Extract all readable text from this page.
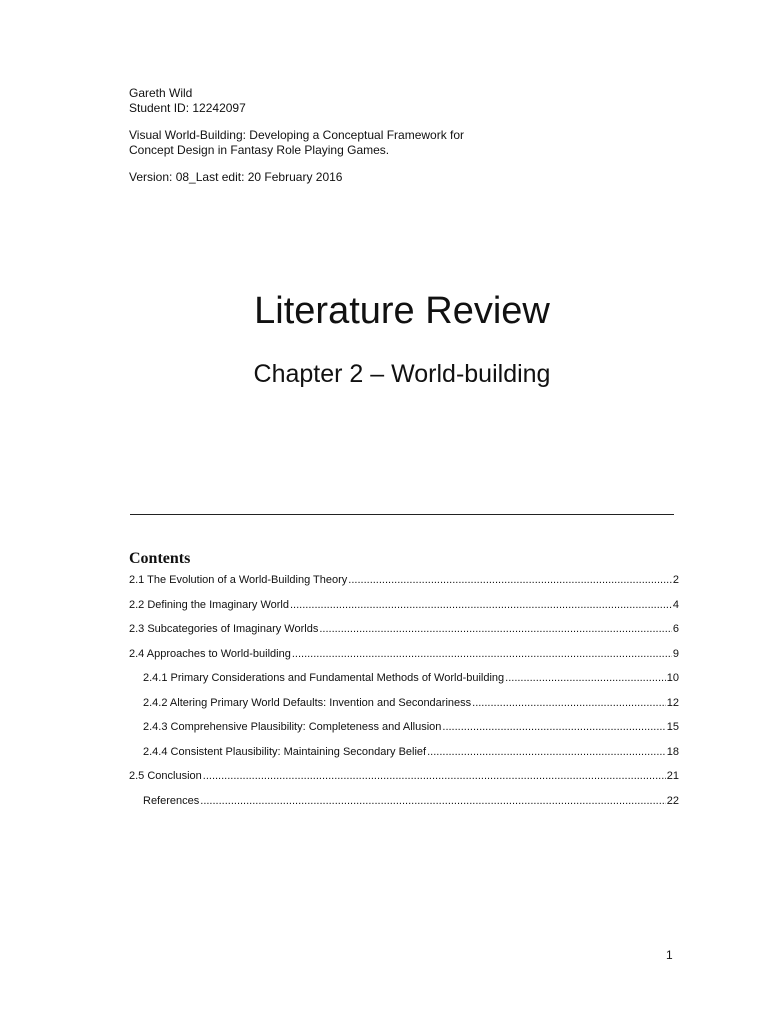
Gareth Wild
Student ID: 12242097
Visual World-Building: Developing a Conceptual Framework for
Concept Design in Fantasy Role Playing Games.
Version: 08_Last edit: 20 February 2016
Literature Review
Chapter 2 – World-building
Contents
2.1 The Evolution of a World-Building Theory .....	2
2.2 Defining the Imaginary World .....	4
2.3 Subcategories of Imaginary Worlds .....	6
2.4 Approaches to World-building .....	9
2.4.1 Primary Considerations and Fundamental Methods of World-building .....	10
2.4.2 Altering Primary World Defaults: Invention and Secondariness .....	12
2.4.3 Comprehensive Plausibility: Completeness and Allusion .....	15
2.4.4 Consistent Plausibility: Maintaining Secondary Belief .....	18
2.5 Conclusion .....	21
References .....	22
1
